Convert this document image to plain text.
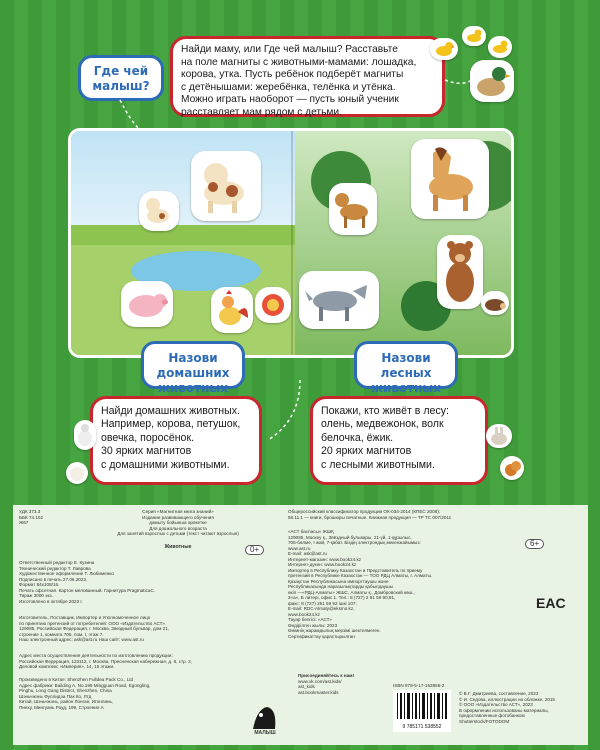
Найди маму, или Где чей малыш? Расставьте
на поле магниты с животными-мамами: лошадка,
корова, утка. Пусть ребёнок подберёт магниты
с детёнышами: жеребёнка, телёнка и утёнка.
Можно играть наоборот — пусть юный ученик
расставляет мам рядом с детьми.
Где чей
малыш?
Назови
домашних
животных
Назови
лесных
животных
Найди домашних животных.
Например, корова, петушок,
овечка, поросёнок.
30 ярких магнитов
с домашними животными.
Покажи, кто живёт в лесу:
олень, медвежонок, волк
белочка, ёжик.
20 ярких магнитов
с лесными животными.
УДК 373.3
ББК 74.102
Ж67
Серия «Магнитная книга знаний»
Издание развивающего обучения
дамыту бойынша әрекетке
Для дошкольного возраста
Для занятий взрослых с детьми (текст читают взрослые)
Животные	0+
Ответственный редактор Е. Кузина
Технический редактор Т. Лаврова
Художественное оформление Т. Любименко
Подписано в печать 27.06.2023.
Формат 84х108/16.
Печать офсетная. Картон мелованный. Гарнитура PragmaticaC.
Тираж 3000 экз.
Изготовлено в октябре 2023 г.
Изготовитель, Поставщик, Импортер и Уполномоченное лицо
по принятию претензий от потребителей: ООО «Издательство АСТ».
129085, Российская Федерация, г. Москва, Звездный бульвар, дом 21,
строение 1, комната 705, пом. I, этаж 7.
Наш электронный адрес: ask@ast.ru Наш сайт: www.ast.ru
Адрес места осуществления деятельности по изготовлению продукции:
Российская Федерация, 123112, г. Москва, Пресненская набережная, д. 6, стр. 2,
Деловой комплекс «Империя», 14, 15 этажи.
Произведено в Китае: Shenzhen Fulldea Pack Co., Ltd
Адрес фабрики: Building A, No.199 Mingguan Road, Egongling,
Pinghu, Long Gang District, Shenzhen, China
Шэньчжэнь Фуллидэа Пак Ко, Лтд
Китай, Шэньчжэнь, район Лонган, Игонлинь,
Пинху, Мингуань Роуд, 199, Строение А
Общероссийский классификатор продукции ОК-034-2014 (КПЕС 2008);
58.11.1 — книги, брошюры печатные. Книжная продукция — ТР ТС 007/2011
«АСТ баспасы» ЖШҚ
129085, Мәскеу қ., Звёздный бульвары, 21-үй, 1-құрылыс,
705-бөлме, I жай, 7-қабат. Біздің электрондық мекенжайымыз:
www.ast.ru
E-mail: ask@ast.ru
Интернет-магазин: www.book24.kz
Интернет-дүкен: www.book24.kz
Импортер в Республику Казахстан и Представитель по приему
претензий в Республике Казахстан — ТОО РДЦ Алматы, г. Алматы.
Қазақстан Республикасына импорттаушы және
Республикасында наразылықтарды қабылдаушы
өкіл —«РДЦ-Алматы» ЖШС, Алматы қ., Домбровский көш.,
3«а», Б литері, офис 1. Тел.: 8 (727) 2 51 59 90,91,
факс: 8 (727) 251 59 92 ішкі 107;
E-mail: RDC-Almaty@eksmo.kz,
www.book24.kz
Тауар белгісі: «АСТ»
Өндірілген жылы: 2023
Өнімнің жарамдылық мерзімі шектелмеген.
Сертификаттау қарастырылған
6+
EAC
ISBN 978-5-17-153855-2
9 785171 538552
Присоединяйтесь к нам!
www.vk.com/ast.kids/
ast_kids
ast.bookmaster.kids
МАЛЫШ
© В.Г. Дмитриева, составление, 2023
© И. Седова, иллюстрации на обложке, 2015
© ООО «Издательство АСТ», 2023
В оформлении использованы материалы,
предоставленные фотобанком
Shutterstock/FOTODOM
